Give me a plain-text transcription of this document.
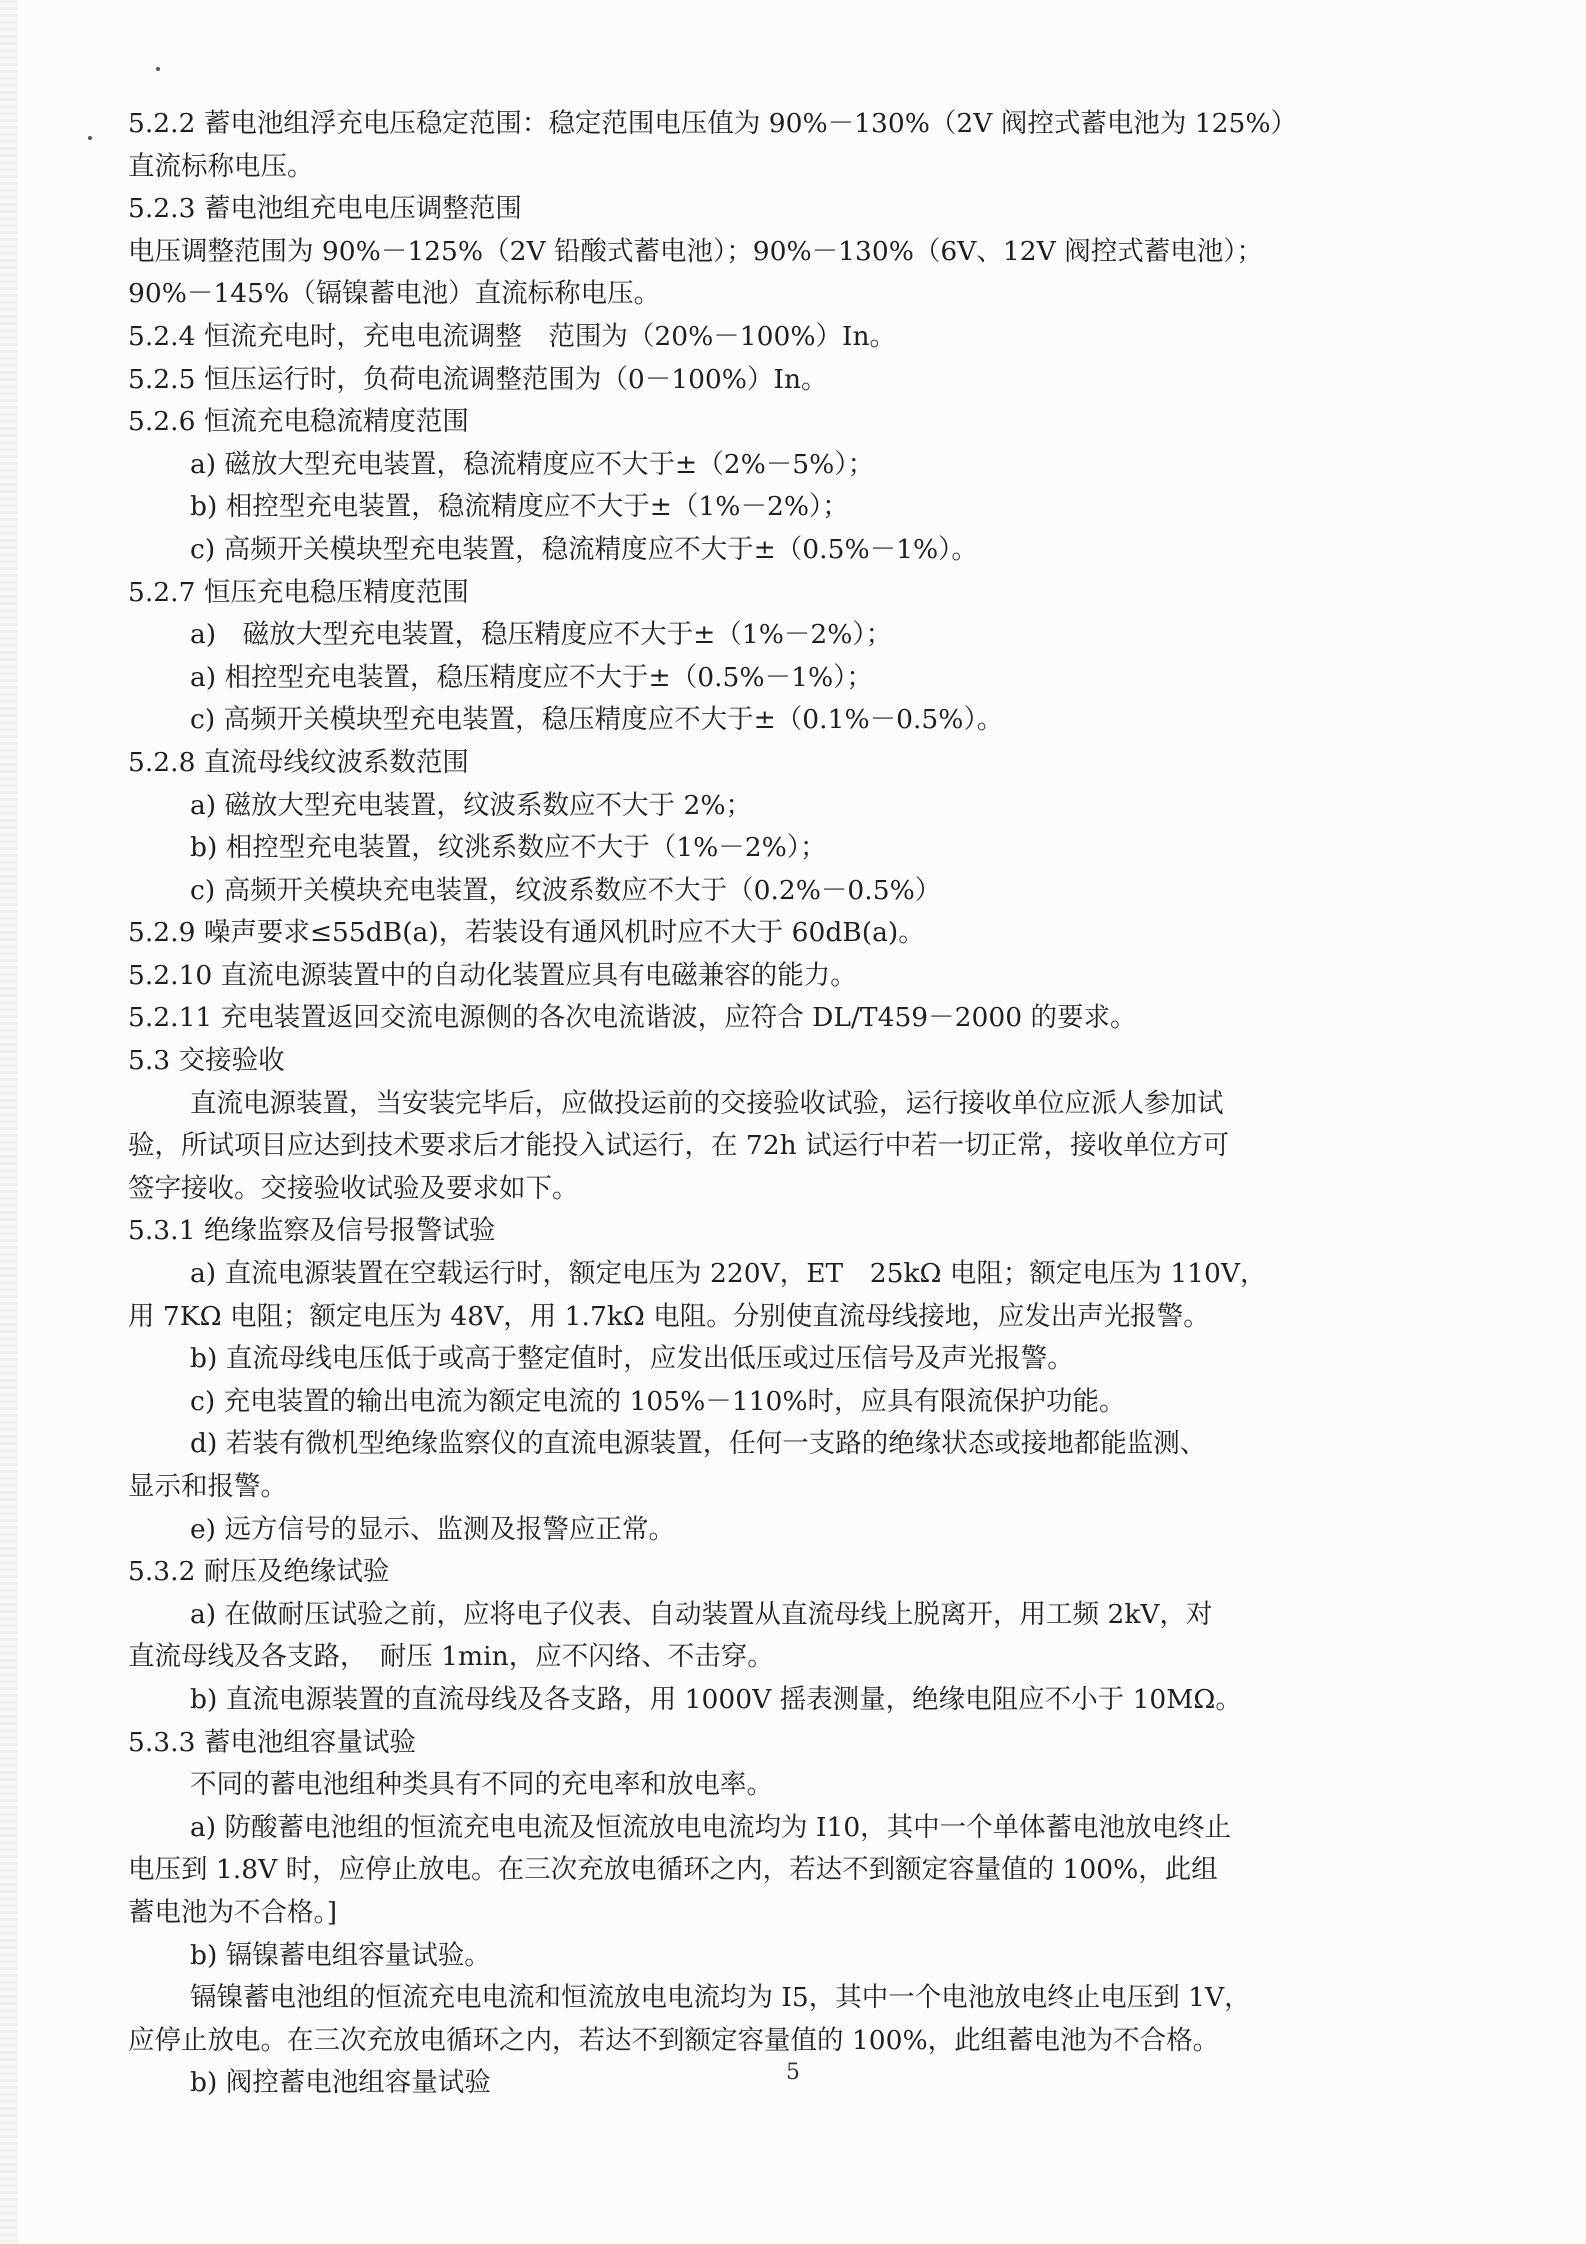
5.2.2 蓄电池组浮充电压稳定范围：稳定范围电压值为 90%－130%（2V 阀控式蓄电池为 125%）
直流标称电压。
5.2.3 蓄电池组充电电压调整范围
电压调整范围为 90%－125%（2V 铅酸式蓄电池）；90%－130%（6V、12V 阀控式蓄电池）；
90%－145%（镉镍蓄电池）直流标称电压。
5.2.4 恒流充电时，充电电流调整　范围为（20%－100%）In。
5.2.5 恒压运行时，负荷电流调整范围为（0－100%）In。
5.2.6 恒流充电稳流精度范围
a) 磁放大型充电装置，稳流精度应不大于±（2%－5%）；
b) 相控型充电装置，稳流精度应不大于±（1%－2%）；
c) 高频开关模块型充电装置，稳流精度应不大于±（0.5%－1%）。
5.2.7 恒压充电稳压精度范围
a)　磁放大型充电装置，稳压精度应不大于±（1%－2%）；
a) 相控型充电装置，稳压精度应不大于±（0.5%－1%）；
c) 高频开关模块型充电装置，稳压精度应不大于±（0.1%－0.5%）。
5.2.8 直流母线纹波系数范围
a) 磁放大型充电装置，纹波系数应不大于 2%；
b) 相控型充电装置，纹洮系数应不大于（1%－2%）；
c) 高频开关模块充电装置，纹波系数应不大于（0.2%－0.5%）
5.2.9 噪声要求≤55dB(a)，若装设有通风机时应不大于 60dB(a)。
5.2.10 直流电源装置中的自动化装置应具有电磁兼容的能力。
5.2.11 充电装置返回交流电源侧的各次电流谐波，应符合 DL/T459－2000 的要求。
5.3 交接验收
直流电源装置，当安装完毕后，应做投运前的交接验收试验，运行接收单位应派人参加试
验，所试项目应达到技术要求后才能投入试运行，在 72h 试运行中若一切正常，接收单位方可
签字接收。交接验收试验及要求如下。
5.3.1 绝缘监察及信号报警试验
a) 直流电源装置在空载运行时，额定电压为 220V，ET　25kΩ 电阻；额定电压为 110V，
用 7KΩ 电阻；额定电压为 48V，用 1.7kΩ 电阻。分别使直流母线接地，应发出声光报警。
b) 直流母线电压低于或高于整定值时，应发出低压或过压信号及声光报警。
c) 充电装置的输出电流为额定电流的 105%－110%时，应具有限流保护功能。
d) 若装有微机型绝缘监察仪的直流电源装置，任何一支路的绝缘状态或接地都能监测、
显示和报警。
e) 远方信号的显示、监测及报警应正常。
5.3.2 耐压及绝缘试验
a) 在做耐压试验之前，应将电子仪表、自动装置从直流母线上脱离开，用工频 2kV，对
直流母线及各支路，　耐压 1min，应不闪络、不击穿。
b) 直流电源装置的直流母线及各支路，用 1000V 摇表测量，绝缘电阻应不小于 10MΩ。
5.3.3 蓄电池组容量试验
不同的蓄电池组种类具有不同的充电率和放电率。
a) 防酸蓄电池组的恒流充电电流及恒流放电电流均为 I10，其中一个单体蓄电池放电终止
电压到 1.8V 时，应停止放电。在三次充放电循环之内，若达不到额定容量值的 100%，此组
蓄电池为不合格。]
b) 镉镍蓄电组容量试验。
镉镍蓄电池组的恒流充电电流和恒流放电电流均为 I5，其中一个电池放电终止电压到 1V，
应停止放电。在三次充放电循环之内，若达不到额定容量值的 100%，此组蓄电池为不合格。
b) 阀控蓄电池组容量试验	5
